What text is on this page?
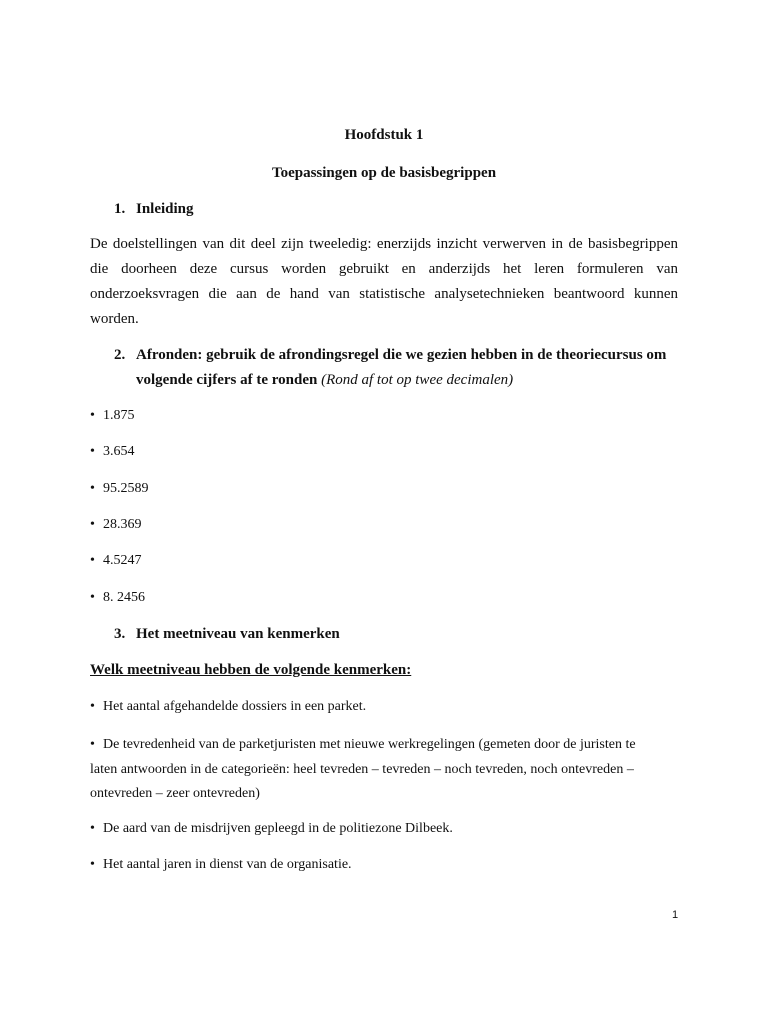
Hoofdstuk 1
Toepassingen op de basisbegrippen
1. Inleiding
De doelstellingen van dit deel zijn tweeledig: enerzijds inzicht verwerven in de basisbegrippen
die doorheen deze cursus worden gebruikt en anderzijds het leren formuleren van
onderzoeksvragen die aan de hand van statistische analysetechnieken beantwoord kunnen
worden.
2. Afronden: gebruik de afrondingsregel die we gezien hebben in de theoriecursus om
volgende cijfers af te ronden (Rond af tot op twee decimalen)
• 1.875
• 3.654
• 95.2589
• 28.369
• 4.5247
• 8. 2456
3. Het meetniveau van kenmerken
Welk meetniveau hebben de volgende kenmerken:
• Het aantal afgehandelde dossiers in een parket.
• De tevredenheid van de parketjuristen met nieuwe werkregelingen (gemeten door de juristen te
laten antwoorden in de categorieën: heel tevreden – tevreden – noch tevreden, noch ontevreden –
ontevreden – zeer ontevreden)
• De aard van de misdrijven gepleegd in de politiezone Dilbeek.
• Het aantal jaren in dienst van de organisatie.
1
